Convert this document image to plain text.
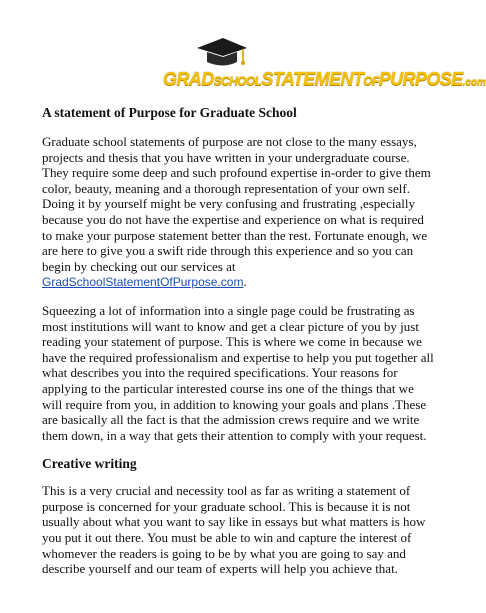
GRADSCHOOLSTATEMENTOFPURPOSE.com
A statement of Purpose for Graduate School

Graduate school statements of purpose are not close to the many essays, projects and thesis that you have written in your undergraduate course. They require some deep and such profound expertise in-order to give them color, beauty, meaning and a thorough representation of your own self. Doing it by yourself might be very confusing and frustrating ,especially because you do not have the expertise and experience on what is required to make your purpose statement better than the rest. Fortunate enough, we are here to give you a swift ride through this experience and so you can begin by checking out our services at GradSchoolStatementOfPurpose.com.

Squeezing a lot of information into a single page could be frustrating as most institutions will want to know and get a clear picture of you by just reading your statement of purpose. This is where we come in because we have the required professionalism and expertise to help you put together all what describes you into the required specifications. Your reasons for applying to the particular interested course ins one of the things that we will require from you, in addition to knowing your goals and plans .These are basically all the fact is that the admission crews require and we write them down, in a way that gets their attention to comply with your request.

Creative writing

This is a very crucial and necessity tool as far as writing a statement of purpose is concerned for your graduate school. This is because it is not usually about what you want to say like in essays but what matters is how you put it out there. You must be able to win and capture the interest of whomever the readers is going to be by what you are going to say and describe yourself and our team of experts will help you achieve that.
